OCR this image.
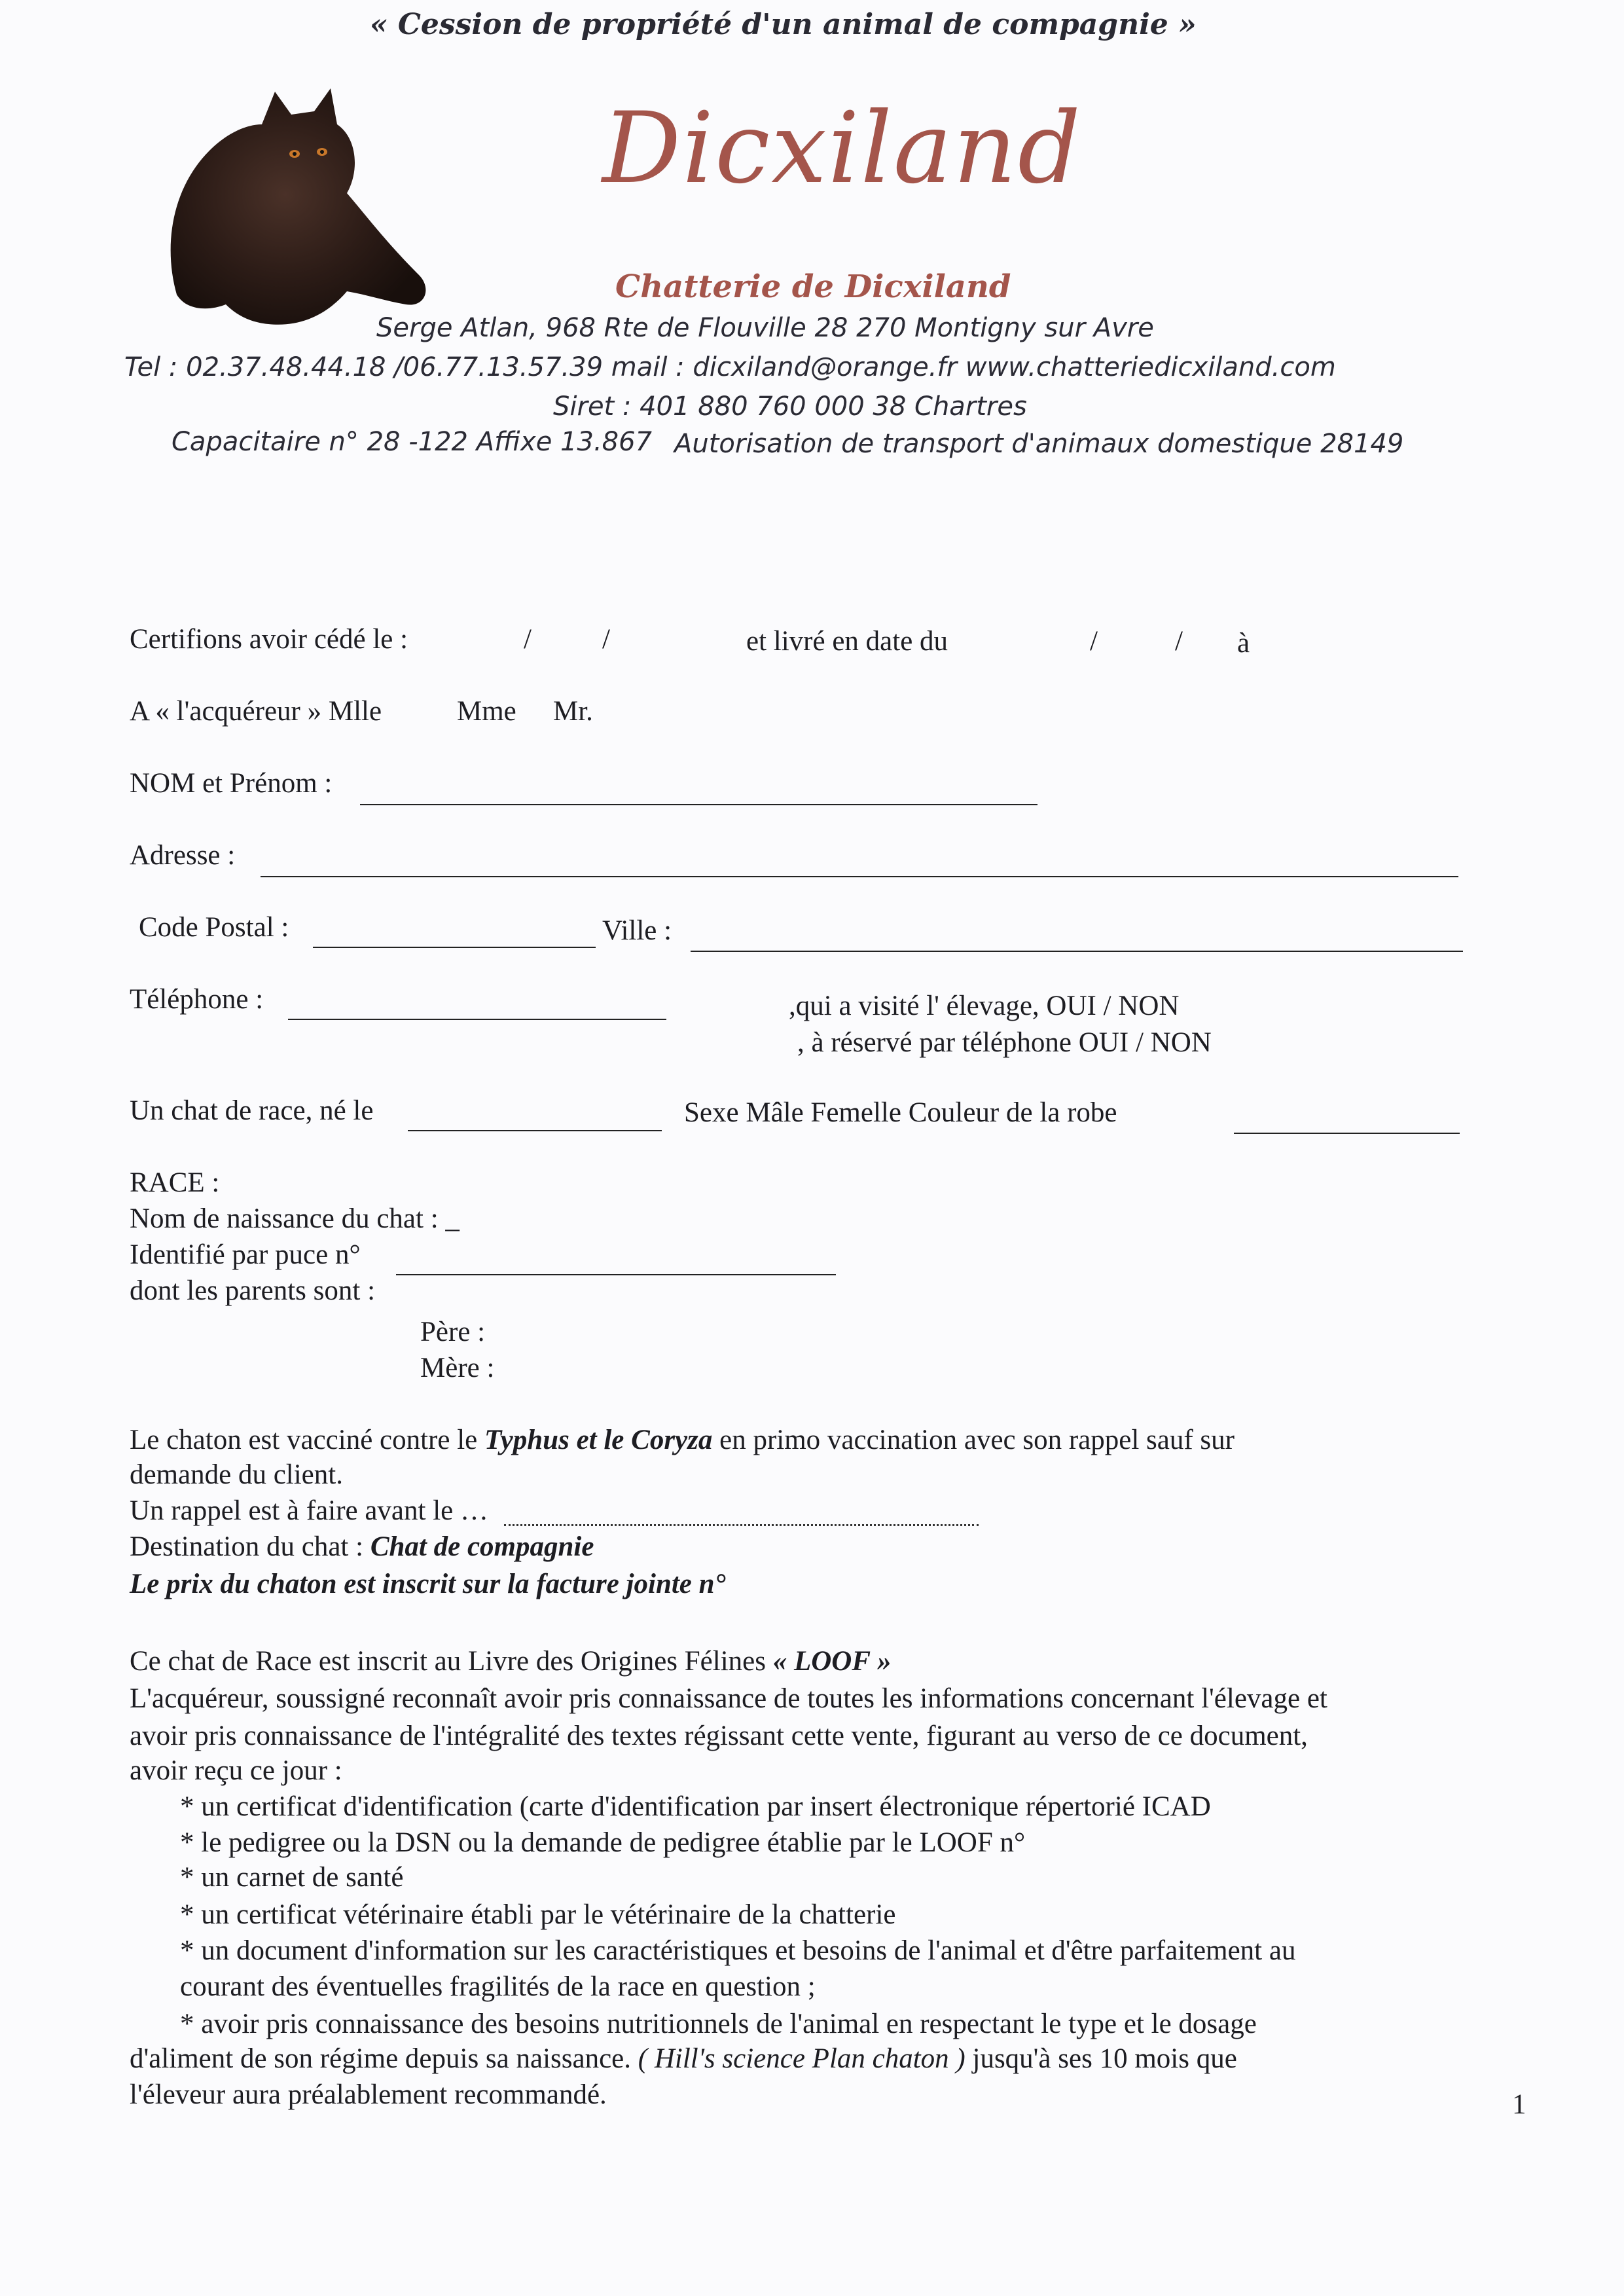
« Cession de propriété d'un animal de compagnie »
Dicxiland
Chatterie de Dicxiland
Serge Atlan, 968 Rte de Flouville 28 270 Montigny sur Avre
Tel : 02.37.48.44.18 /06.77.13.57.39 mail : dicxiland@orange.fr www.chatteriedicxiland.com
Siret : 401 880 760 000 38 Chartres
Capacitaire n° 28 -122 Affixe 13.867 Autorisation de transport d'animaux domestique 28149
Certifions avoir cédé le :	/	/	et livré en date du	/	/ à
A « l'acquéreur » Mlle	Mme Mr.
NOM et Prénom :
Adresse :
Code Postal :	Ville :
Téléphone :	,qui a visité l' élevage, OUI / NON
, à réservé par téléphone OUI / NON
Un chat de race, né le	Sexe Mâle Femelle Couleur de la robe
RACE :
Nom de naissance du chat : _
Identifié par puce n°
dont les parents sont :
Père :
Mère :
Le chaton est vacciné contre le Typhus et le Coryza en primo vaccination avec son rappel sauf sur
demande du client.
Un rappel est à faire avant le …
Destination du chat : Chat de compagnie
Le prix du chaton est inscrit sur la facture jointe n°
Ce chat de Race est inscrit au Livre des Origines Félines « LOOF »
L'acquéreur, soussigné reconnaît avoir pris connaissance de toutes les informations concernant l'élevage et
avoir pris connaissance de l'intégralité des textes régissant cette vente, figurant au verso de ce document,
avoir reçu ce jour :
* un certificat d'identification (carte d'identification par insert électronique répertorié ICAD
* le pedigree ou la DSN ou la demande de pedigree établie par le LOOF n°
* un carnet de santé
* un certificat vétérinaire établi par le vétérinaire de la chatterie
* un document d'information sur les caractéristiques et besoins de l'animal et d'être parfaitement au
courant des éventuelles fragilités de la race en question ;
* avoir pris connaissance des besoins nutritionnels de l'animal en respectant le type et le dosage
d'aliment de son régime depuis sa naissance. ( Hill's science Plan chaton ) jusqu'à ses 10 mois que
l'éleveur aura préalablement recommandé.	1
